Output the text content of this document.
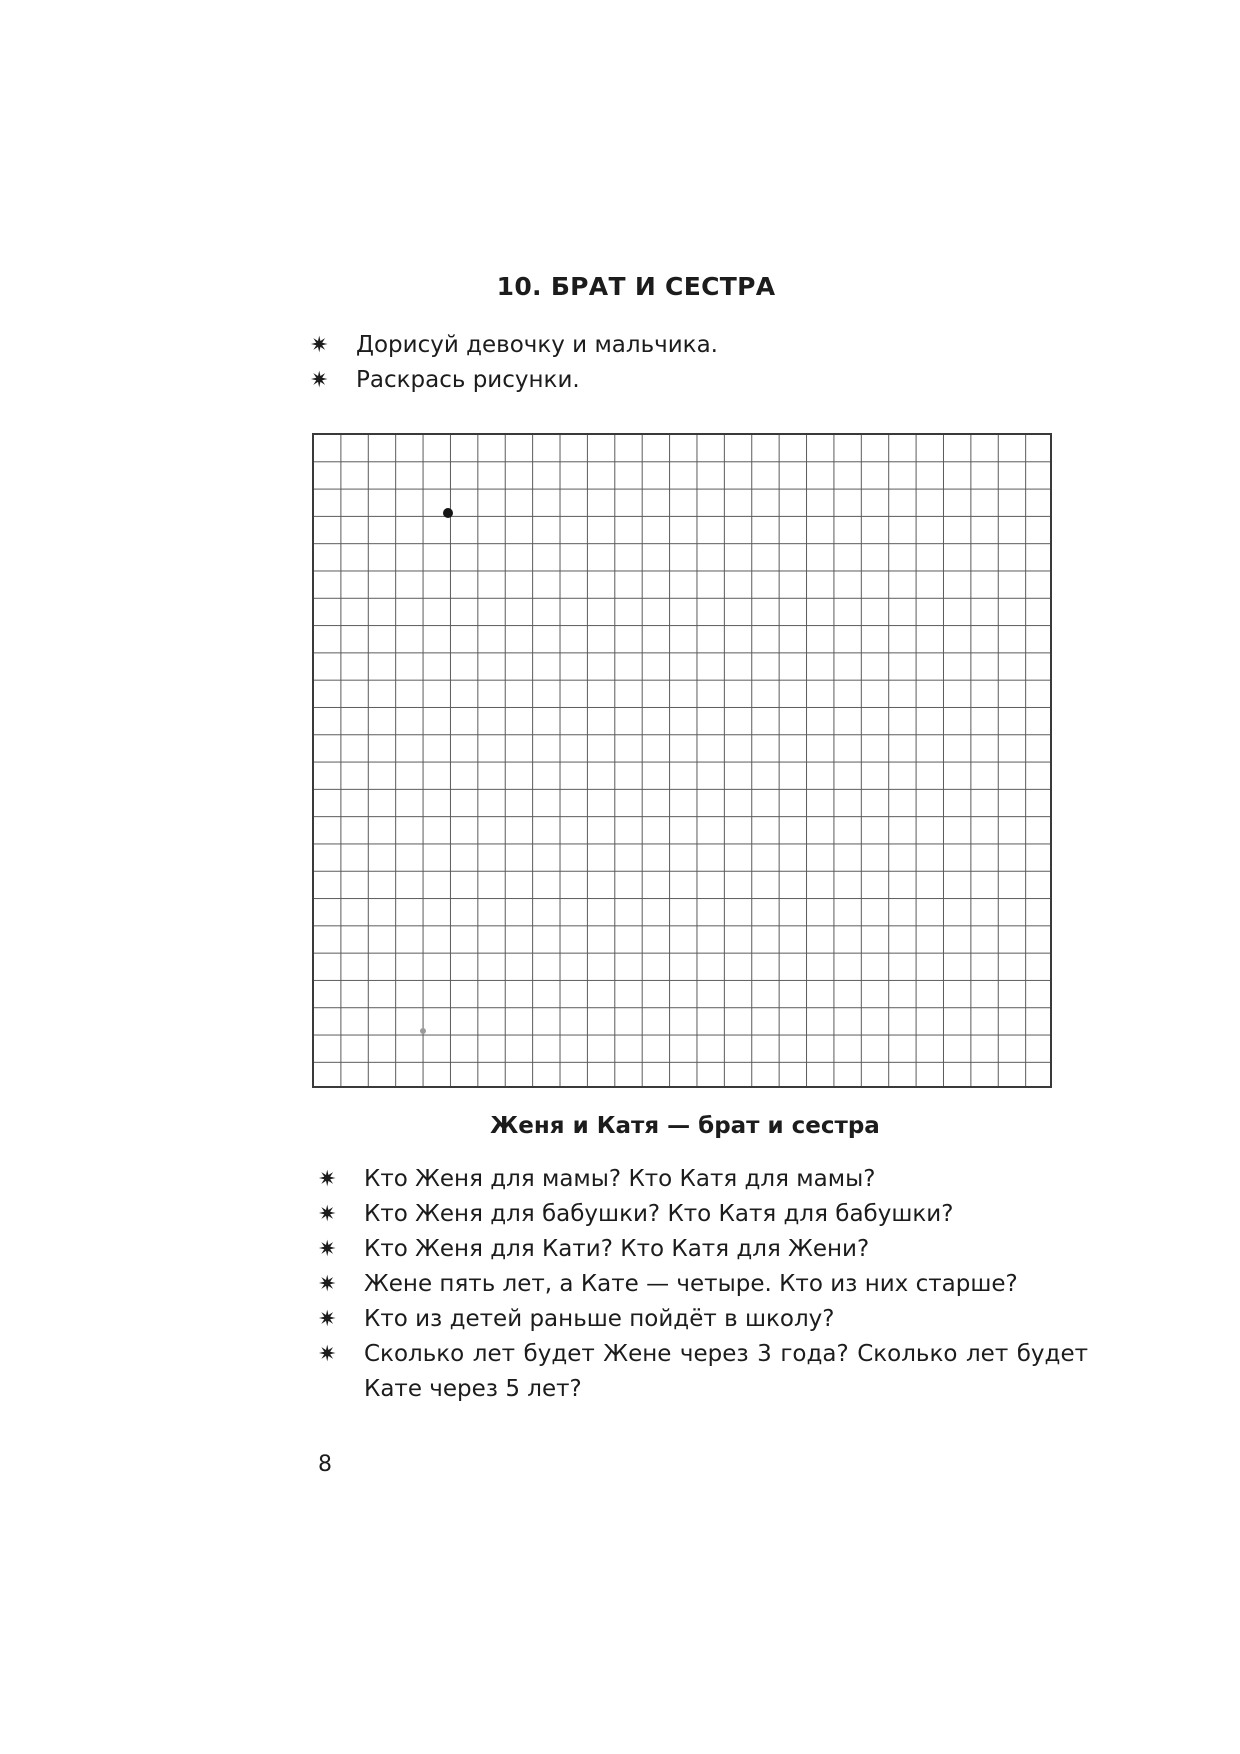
10. БРАТ И СЕСТРА
✷	Дорисуй девочку и мальчика.
✷	Раскрась рисунки.
Женя и Катя — брат и сестра
✷	Кто Женя для мамы? Кто Катя для мамы?
✷	Кто Женя для бабушки? Кто Катя для бабушки?
✷	Кто Женя для Кати? Кто Катя для Жени?
✷	Жене пять лет, а Кате — четыре. Кто из них старше?
✷	Кто из детей раньше пойдёт в школу?
✷	Сколько лет будет Жене через 3 года? Сколько лет будет Кате через 5 лет?
8
